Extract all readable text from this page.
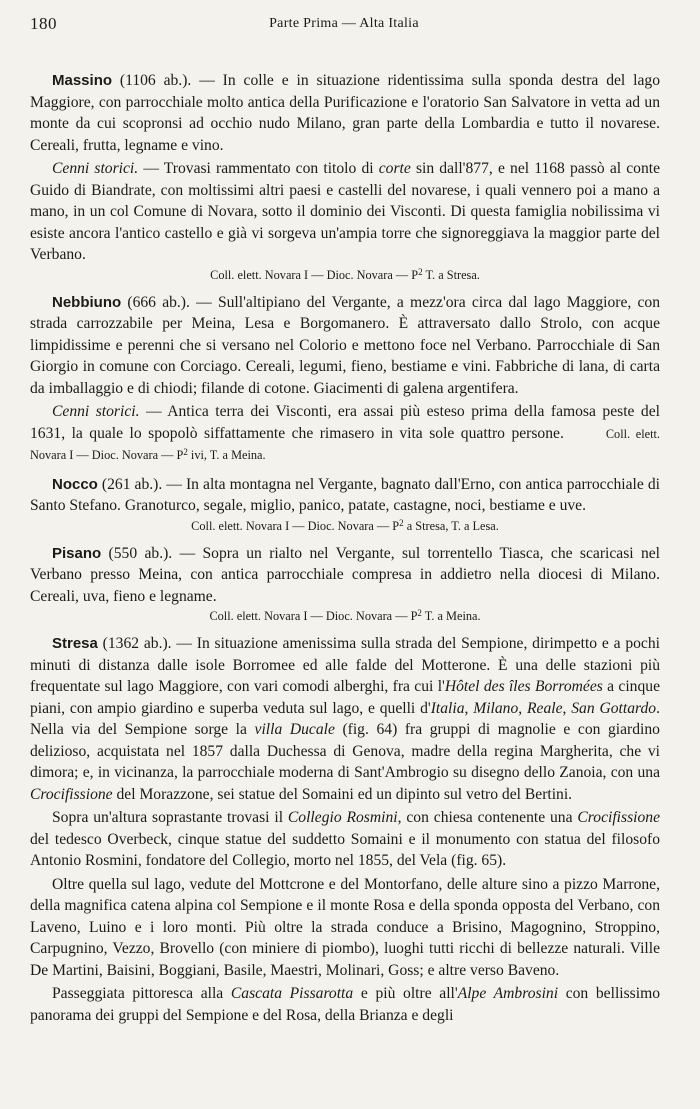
180	Parte Prima — Alta Italia

Massino (1106 ab.). — In colle e in situazione ridentissima sulla sponda destra del lago Maggiore, con parrocchiale molto antica della Purificazione e l'oratorio San Salvatore in vetta ad un monte da cui scopronsi ad occhio nudo Milano, gran parte della Lombardia e tutto il novarese. Cereali, frutta, legname e vino.

Cenni storici. — Trovasi rammentato con titolo di corte sin dall'877, e nel 1168 passò al conte Guido di Biandrate, con moltissimi altri paesi e castelli del novarese, i quali vennero poi a mano a mano, in un col Comune di Novara, sotto il dominio dei Visconti. Di questa famiglia nobilissima vi esiste ancora l'antico castello e già vi sorgeva un'ampia torre che signoreggiava la maggior parte del Verbano.

Coll. elett. Novara I — Dioc. Novara — $P^2$ T. a Stresa.

Nebbiuno (666 ab.). — Sull'altipiano del Vergante, a mezz'ora circa dal lago Maggiore, con strada carrozzabile per Meina, Lesa e Borgomanero. È attraversato dallo Strolo, con acque limpidissime e perenni che si versano nel Colorio e mettono foce nel Verbano. Parrocchiale di San Giorgio in comune con Corciago. Cereali, legumi, fieno, bestiame e vini. Fabbriche di lana, di carta da imballaggio e di chiodi; filande di cotone. Giacimenti di galena argentifera.

Cenni storici. — Antica terra dei Visconti, era assai più esteso prima della famosa peste del 1631, la quale lo spopolò siffattamente che rimasero in vita sole quattro persone.	Coll. elett. Novara I — Dioc. Novara — $P^2$ ivi, T. a Meina.

Nocco (261 ab.). — In alta montagna nel Vergante, bagnato dall'Erno, con antica parrocchiale di Santo Stefano. Granoturco, segale, miglio, panico, patate, castagne, noci, bestiame e uve.

Coll. elett. Novara I — Dioc. Novara — $P^2$ a Stresa, T. a Lesa.

Pisano (550 ab.). — Sopra un rialto nel Vergante, sul torrentello Tiasca, che scaricasi nel Verbano presso Meina, con antica parrocchiale compresa in addietro nella diocesi di Milano. Cereali, uva, fieno e legname.

Coll. elett. Novara I — Dioc. Novara — $P^2$ T. a Meina.

Stresa (1362 ab.). — In situazione amenissima sulla strada del Sempione, dirimpetto e a pochi minuti di distanza dalle isole Borromee ed alle falde del Motterone. È una delle stazioni più frequentate sul lago Maggiore, con vari comodi alberghi, fra cui l'Hôtel des îles Borromées a cinque piani, con ampio giardino e superba veduta sul lago, e quelli d'Italia, Milano, Reale, San Gottardo. Nella via del Sempione sorge la villa Ducale (fig. 64) fra gruppi di magnolie e con giardino delizioso, acquistata nel 1857 dalla Duchessa di Genova, madre della regina Margherita, che vi dimora; e, in vicinanza, la parrocchiale moderna di Sant'Ambrogio su disegno dello Zanoia, con una Crocifissione del Morazzone, sei statue del Somaini ed un dipinto sul vetro del Bertini.

Sopra un'altura soprastante trovasi il Collegio Rosmini, con chiesa contenente una Crocifissione del tedesco Overbeck, cinque statue del suddetto Somaini e il monumento con statua del filosofo Antonio Rosmini, fondatore del Collegio, morto nel 1855, del Vela (fig. 65).

Oltre quella sul lago, vedute del Mottcrone e del Montorfano, delle alture sino a pizzo Marrone, della magnifica catena alpina col Sempione e il monte Rosa e della sponda opposta del Verbano, con Laveno, Luino e i loro monti. Più oltre la strada conduce a Brisino, Magognino, Stroppino, Carpugnino, Vezzo, Brovello (con miniere di piombo), luoghi tutti ricchi di bellezze naturali. Ville De Martini, Baisini, Boggiani, Basile, Maestri, Molinari, Goss; e altre verso Baveno.

Passeggiata pittoresca alla Cascata Pissarotta e più oltre all'Alpe Ambrosini con bellissimo panorama dei gruppi del Sempione e del Rosa, della Brianza e degli
